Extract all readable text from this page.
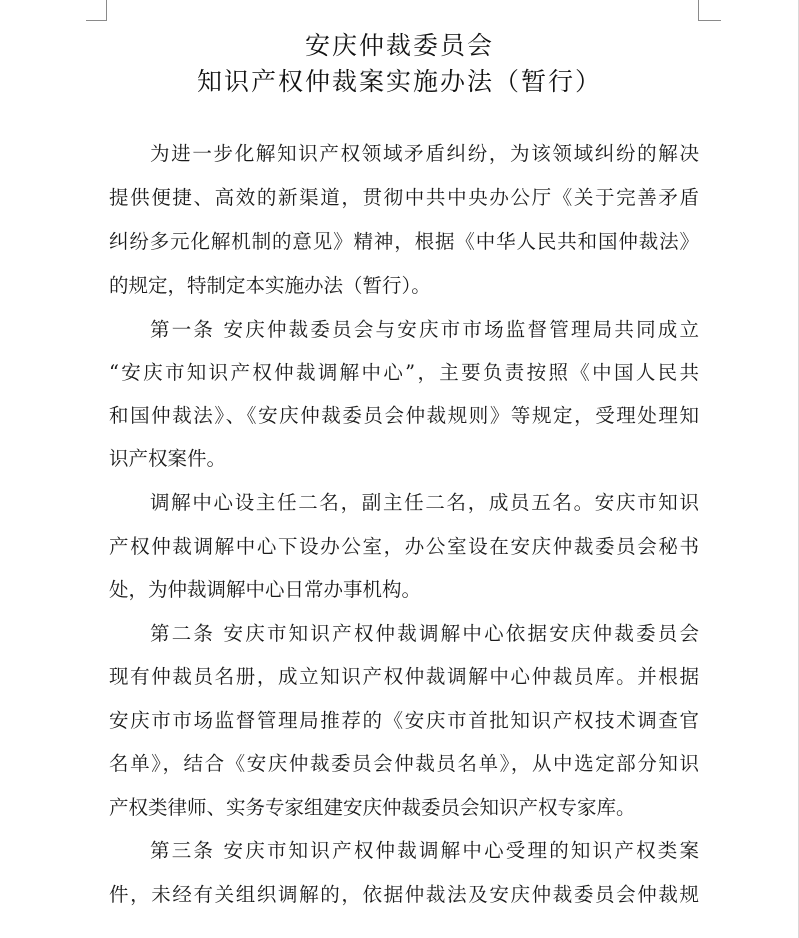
安庆仲裁委员会
知识产权仲裁案实施办法（暂行）
为进一步化解知识产权领域矛盾纠纷，为该领域纠纷的解决
提供便捷、高效的新渠道，贯彻中共中央办公厅《关于完善矛盾
纠纷多元化解机制的意见》精神，根据《中华人民共和国仲裁法》
的规定，特制定本实施办法（暂行）。
第一条 安庆仲裁委员会与安庆市市场监督管理局共同成立
“安庆市知识产权仲裁调解中心”，主要负责按照《中国人民共
和国仲裁法》、《安庆仲裁委员会仲裁规则》等规定，受理处理知
识产权案件。
调解中心设主任二名，副主任二名，成员五名。安庆市知识
产权仲裁调解中心下设办公室，办公室设在安庆仲裁委员会秘书
处，为仲裁调解中心日常办事机构。
第二条 安庆市知识产权仲裁调解中心依据安庆仲裁委员会
现有仲裁员名册，成立知识产权仲裁调解中心仲裁员库。并根据
安庆市市场监督管理局推荐的《安庆市首批知识产权技术调查官
名单》，结合《安庆仲裁委员会仲裁员名单》，从中选定部分知识
产权类律师、实务专家组建安庆仲裁委员会知识产权专家库。
第三条 安庆市知识产权仲裁调解中心受理的知识产权类案
件，未经有关组织调解的，依据仲裁法及安庆仲裁委员会仲裁规
